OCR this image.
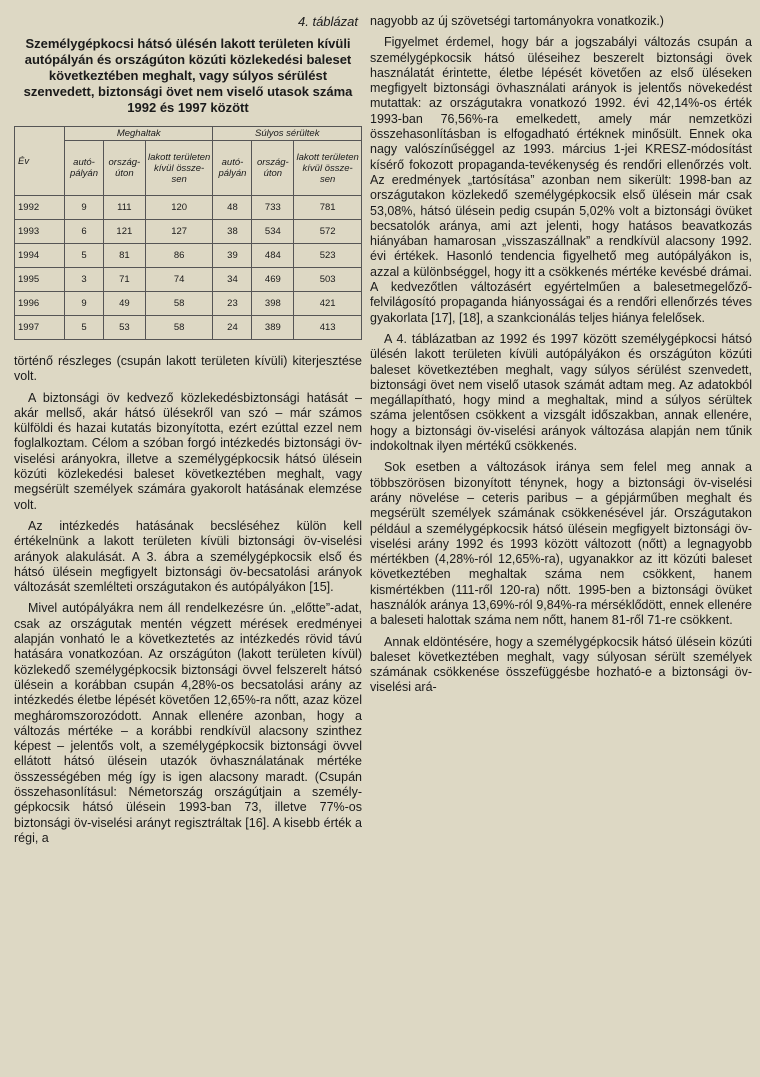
4. táblázat
Személygépkocsi hátsó ülésén lakott területen kívüli autópályán és országúton közúti közlekedési baleset következtében meghalt, vagy súlyos sérülést szenvedett, biztonsági övet nem viselő utasok száma 1992 és 1997 között
Év	Meghaltak			Súlyos sérültek		
	autó-pályán	ország-úton	lakott területen kívül össze-sen	autó-pályán	ország-úton	lakott területen kívül össze-sen
1992	9	111	120	48	733	781
1993	6	121	127	38	534	572
1994	5	81	86	39	484	523
1995	3	71	74	34	469	503
1996	9	49	58	23	398	421
1997	5	53	58	24	389	413

történő részleges (csupán lakott területen kívüli) kiterjesztése volt.

A biztonsági öv kedvező közlekedésbiztonsági hatását – akár mellső, akár hátsó ülésekről van szó – már számos külföldi és hazai kutatás bizonyította, ezért ezúttal ezzel nem foglalkoztam. Célom a szóban forgó intézkedés biztonsági öv-viselési arányokra, illetve a személygépkocsik hátsó ülésein közúti közlekedési baleset következtében meghalt, vagy megsérült személyek számára gyakorolt hatásának elemzése volt.

Az intézkedés hatásának becsléséhez külön kell értékelnünk a lakott területen kívüli biztonsági öv-viselési arányok alakulását. A 3. ábra a személygépkocsik első és hátsó ülésein megfigyelt biztonsági öv-becsatolási arányok változását szemlélteti országutakon és autópályákon [15].

Mivel autópályákra nem áll rendelkezésre ún. „előtte”-adat, csak az országutak mentén végzett mérések eredményei alapján vonható le a következtetés az intézkedés rövid távú hatására vonatkozóan. Az országúton (lakott területen kívül) közlekedő személygépkocsik biztonsági övvel felszerelt hátsó ülésein a korábban csupán 4,28%-os becsatolási arány az intézkedés életbe lépését követően 12,65%-ra nőtt, azaz közel megháromszorozódott. Annak ellenére azonban, hogy a változás mértéke – a korábbi rendkívül alacsony szinthez képest – jelentős volt, a személygépkocsik biztonsági övvel ellátott hátsó ülésein utazók övhasználatának mértéke összességében még így is igen alacsony maradt. (Csupán összehasonlításul: Németország országútjain a személy-gépkocsik hátsó ülésein 1993-ban 73, illetve 77%-os biztonsági öv-viselési arányt regisztráltak [16]. A kisebb érték a régi, a

nagyobb az új szövetségi tartományokra vonatkozik.)

Figyelmet érdemel, hogy bár a jogszabályi változás csupán a személygépkocsik hátsó üléseihez beszerelt biztonsági övek használatát érintette, életbe lépését követően az első üléseken megfigyelt biztonsági övhasználati arányok is jelentős növekedést mutattak: az országutakra vonatkozó 1992. évi 42,14%-os érték 1993-ban 76,56%-ra emelkedett, amely már nemzetközi összehasonlításban is elfogadható értéknek minősült. Ennek oka nagy valószínűséggel az 1993. március 1-jei KRESZ-módosítást kísérő fokozott propaganda-tevékenység és rendőri ellenőrzés volt. Az eredmények „tartósítása” azonban nem sikerült: 1998-ban az országutakon közlekedő személygépkocsik első ülésein már csak 53,08%, hátsó ülésein pedig csupán 5,02% volt a biztonsági övüket becsatolók aránya, ami azt jelenti, hogy hatásos beavatkozás hiányában hamarosan „visszaszállnak” a rendkívül alacsony 1992. évi értékek. Hasonló tendencia figyelhető meg autópályákon is, azzal a különbséggel, hogy itt a csökkenés mértéke kevésbé drámai. A kedvezőtlen változásért egyértelműen a balesetmegelőző-felvilágosító propaganda hiányosságai és a rendőri ellenőrzés téves gyakorlata [17], [18], a szankcionálás teljes hiánya felelősek.

A 4. táblázatban az 1992 és 1997 között személygépkocsi hátsó ülésén lakott területen kívüli autópályákon és országúton közúti baleset következtében meghalt, vagy súlyos sérülést szenvedett, biztonsági övet nem viselő utasok számát adtam meg. Az adatokból megállapítható, hogy mind a meghaltak, mind a súlyos sérültek száma jelentősen csökkent a vizsgált időszakban, annak ellenére, hogy a biztonsági öv-viselési arányok változása alapján nem tűnik indokoltnak ilyen mértékű csökkenés.

Sok esetben a változások iránya sem felel meg annak a többszörösen bizonyított ténynek, hogy a biztonsági öv-viselési arány növelése – ceteris paribus – a gépjárműben meghalt és megsérült személyek számának csökkenésével jár. Országutakon például a személygépkocsik hátsó ülésein megfigyelt biztonsági öv-viselési arány 1992 és 1993 között változott (nőtt) a legnagyobb mértékben (4,28%-ról 12,65%-ra), ugyanakkor az itt közúti baleset következtében meghaltak száma nem csökkent, hanem kismértékben (111-ről 120-ra) nőtt. 1995-ben a biztonsági övüket használók aránya 13,69%-ról 9,84%-ra mérséklődött, ennek ellenére a baleseti halottak száma nem nőtt, hanem 81-ről 71-re csökkent.

Annak eldöntésére, hogy a személygépkocsik hátsó ülésein közúti baleset következtében meghalt, vagy súlyosan sérült személyek számának csökkenése összefüggésbe hozható-e a biztonsági öv-viselési ará-
